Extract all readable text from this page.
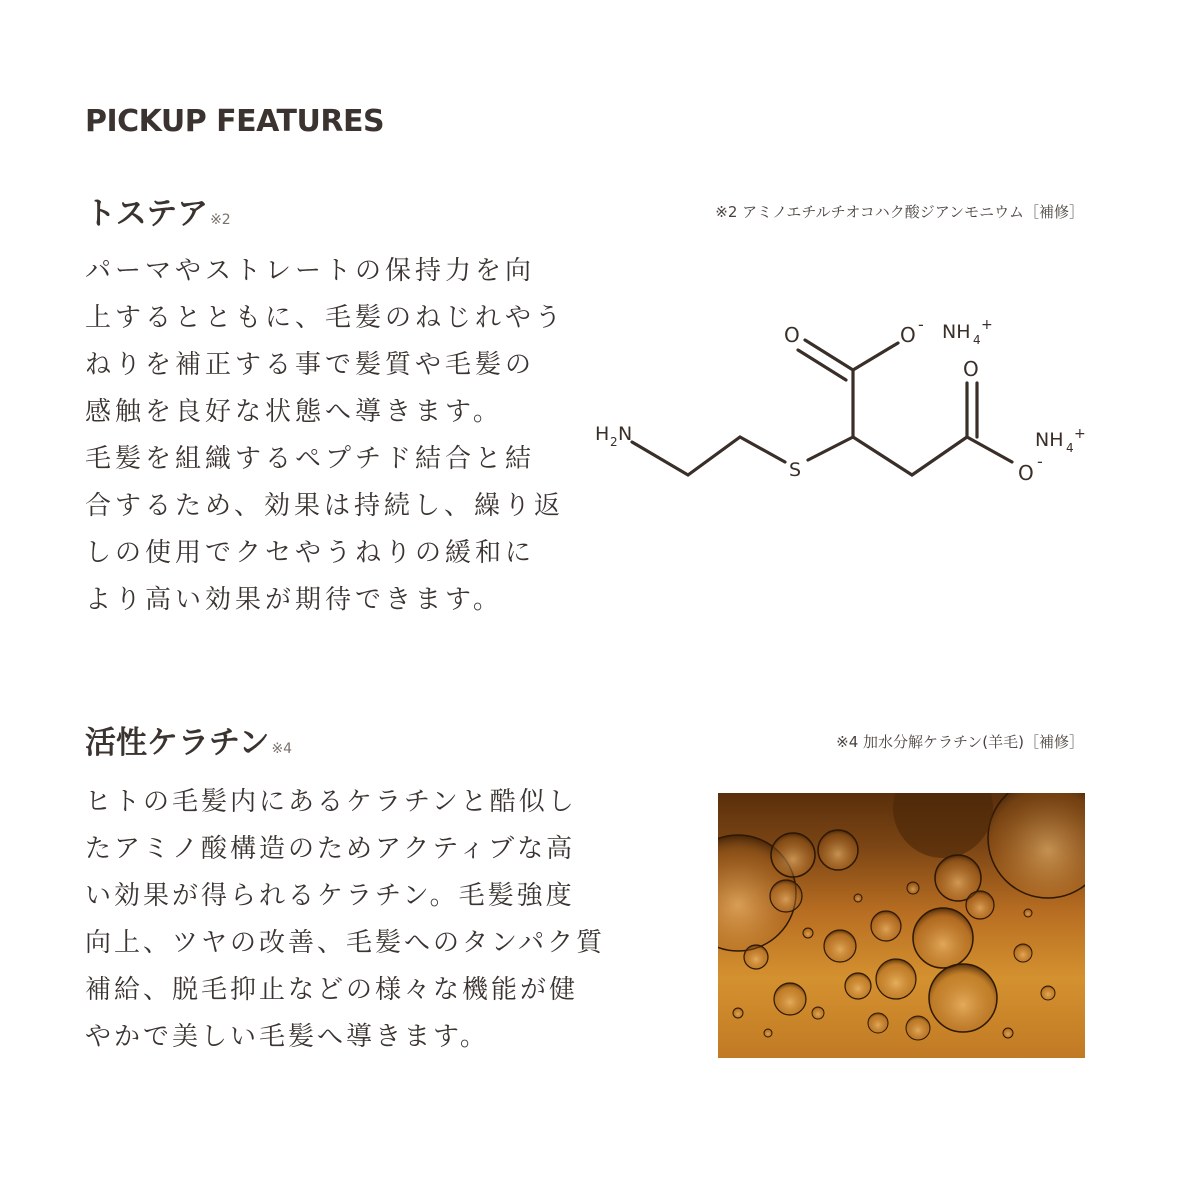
PICKUP FEATURES
トステア ※2	※2 アミノエチルチオコハク酸ジアンモニウム［補修］

パーマやストレートの保持力を向
上するとともに、毛髪のねじれやう
ねりを補正する事で髪質や毛髪の
感触を良好な状態へ導きます。
毛髪を組織するペプチド結合と結
合するため、効果は持続し、繰り返
しの使用でクセやうねりの緩和に
より高い効果が期待できます。

H 2 N
S
O	O - NH 4
+
O
O -
NH 4
+
活性ケラチン ※4	※4 加水分解ケラチン(羊毛)［補修］

ヒトの毛髪内にあるケラチンと酷似し
たアミノ酸構造のためアクティブな高
い効果が得られるケラチン。毛髪強度
向上、ツヤの改善、毛髪へのタンパク質
補給、脱毛抑止などの様々な機能が健
やかで美しい毛髪へ導きます。
